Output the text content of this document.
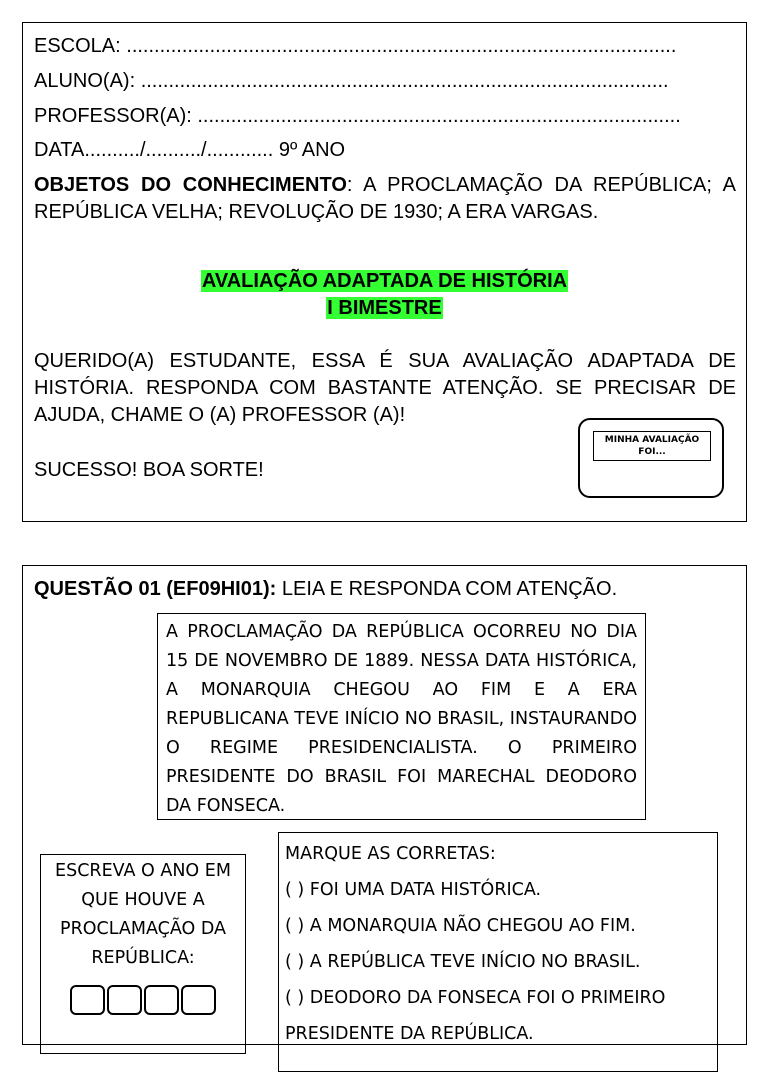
ESCOLA: ...................................................................................................
ALUNO(A): ...............................................................................................
PROFESSOR(A): .......................................................................................
DATA........../........../............ 9º ANO
OBJETOS DO CONHECIMENTO: A PROCLAMAÇÃO DA REPÚBLICA; A REPÚBLICA VELHA; REVOLUÇÃO DE 1930; A ERA VARGAS.
AVALIAÇÃO ADAPTADA DE HISTÓRIA
I BIMESTRE
QUERIDO(A) ESTUDANTE, ESSA É SUA AVALIAÇÃO ADAPTADA DE HISTÓRIA. RESPONDA COM BASTANTE ATENÇÃO. SE PRECISAR DE AJUDA, CHAME O (A) PROFESSOR (A)!
SUCESSO! BOA SORTE!
MINHA AVALIAÇÃO FOI...
QUESTÃO 01 (EF09HI01): LEIA E RESPONDA COM ATENÇÃO.
A PROCLAMAÇÃO DA REPÚBLICA OCORREU NO DIA 15 DE NOVEMBRO DE 1889. NESSA DATA HISTÓRICA, A MONARQUIA CHEGOU AO FIM E A ERA REPUBLICANA TEVE INÍCIO NO BRASIL, INSTAURANDO O REGIME PRESIDENCIALISTA. O PRIMEIRO PRESIDENTE DO BRASIL FOI MARECHAL DEODORO DA FONSECA.
ESCREVA O ANO EM QUE HOUVE A PROCLAMAÇÃO DA REPÚBLICA:
MARQUE AS CORRETAS:
( ) FOI UMA DATA HISTÓRICA.
( ) A MONARQUIA NÃO CHEGOU AO FIM.
( ) A REPÚBLICA TEVE INÍCIO NO BRASIL.
( ) DEODORO DA FONSECA FOI O PRIMEIRO
PRESIDENTE DA REPÚBLICA.
